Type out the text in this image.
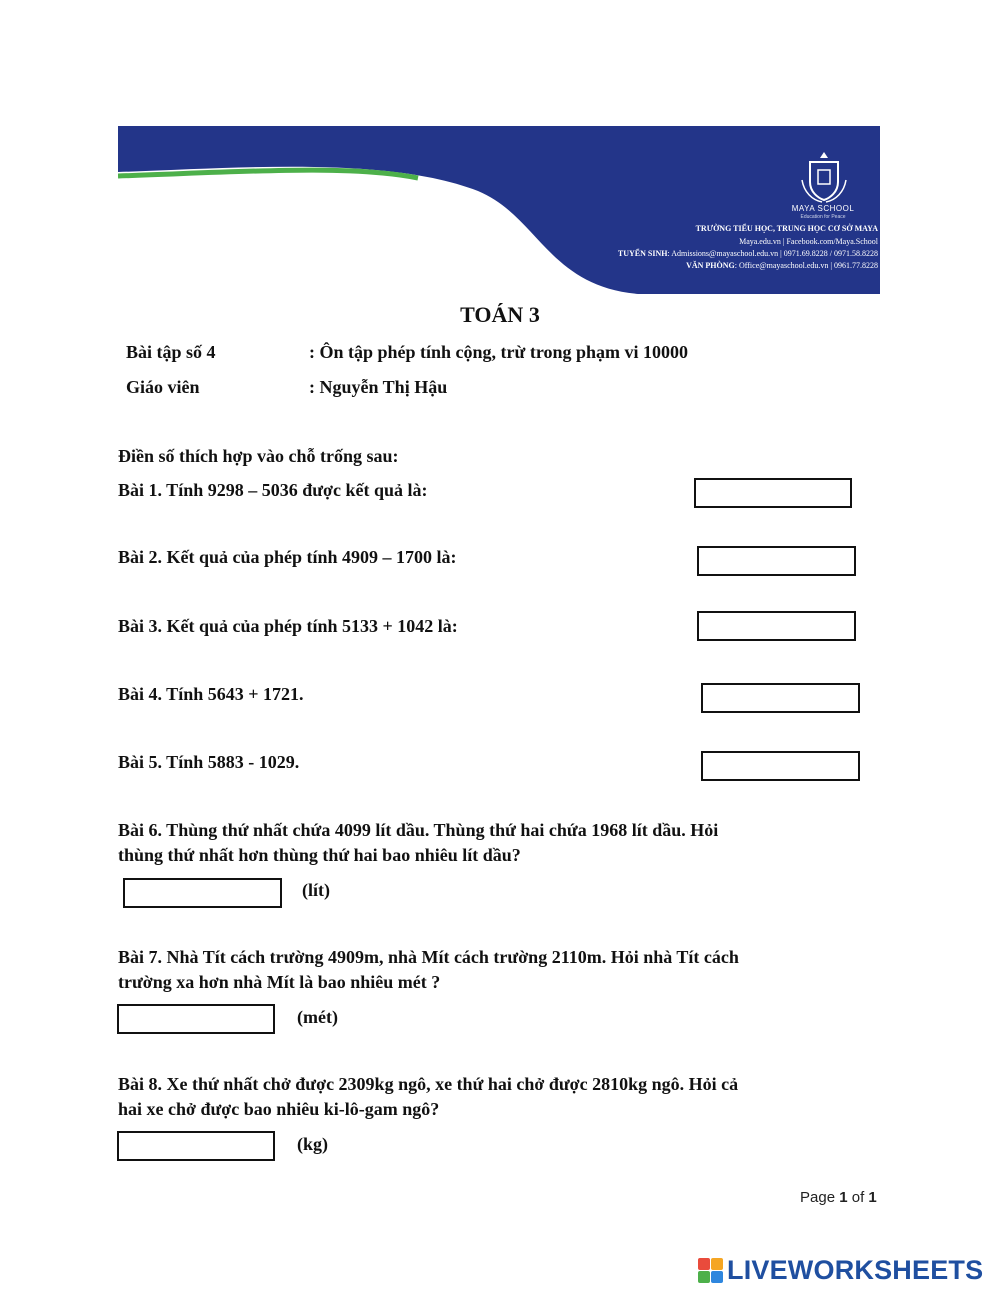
MAYA SCHOOL
Education for Peace
TRƯỜNG TIỂU HỌC, TRUNG HỌC CƠ SỞ MAYA
Maya.edu.vn | Facebook.com/Maya.School
TUYỂN SINH: Admissions@mayaschool.edu.vn | 0971.69.8228 / 0971.58.8228
VĂN PHÒNG: Office@mayaschool.edu.vn | 0961.77.8228
TOÁN 3
Bài tập số 4	: Ôn tập phép tính cộng, trừ trong phạm vi 10000
Giáo viên	: Nguyễn Thị Hậu
Điền số thích hợp vào chỗ trống sau:
Bài 1. Tính 9298 – 5036 được kết quả là:
Bài 2. Kết quả của phép tính 4909 – 1700 là:
Bài 3. Kết quả của phép tính 5133 + 1042 là:
Bài 4. Tính 5643 + 1721.
Bài 5. Tính 5883 - 1029.
Bài 6. Thùng thứ nhất chứa 4099 lít dầu. Thùng thứ hai chứa 1968 lít dầu. Hỏi
thùng thứ nhất hơn thùng thứ hai bao nhiêu lít dầu?
(lít)
Bài 7. Nhà Tít cách trường 4909m, nhà Mít cách trường 2110m. Hỏi nhà Tít cách
trường xa hơn nhà Mít là bao nhiêu mét ?
(mét)
Bài 8. Xe thứ nhất chở được 2309kg ngô, xe thứ hai chở được 2810kg ngô. Hỏi cả
hai xe chở được bao nhiêu ki-lô-gam ngô?
(kg)
Page 1 of 1
LIVEWORKSHEETS
